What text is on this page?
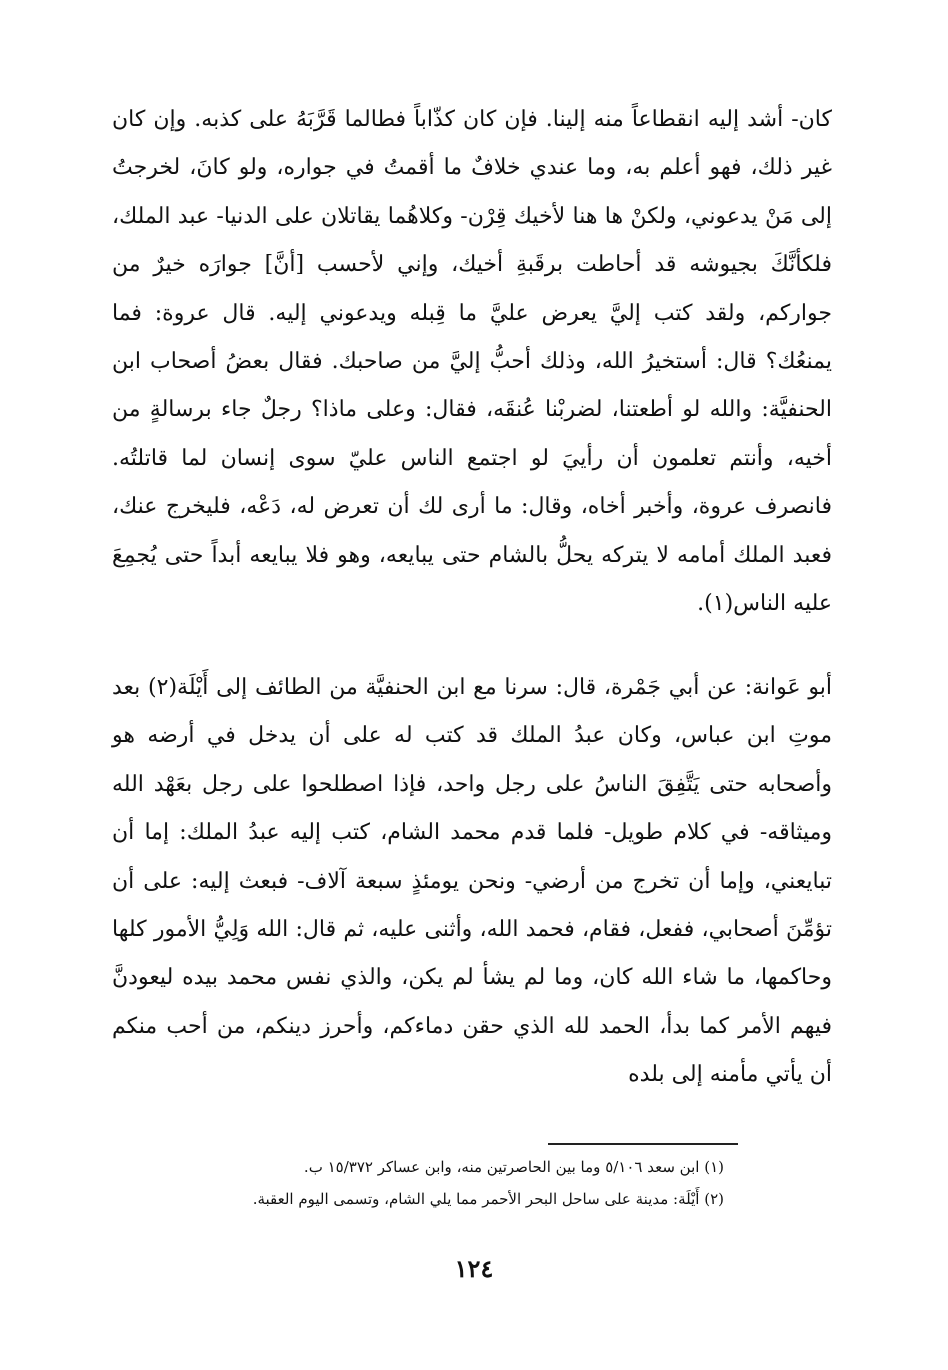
كان- أشد إليه انقطاعاً منه إلينا. فإن كان كذّاباً فطالما قَرَّبَهُ على كذبه. وإن كان غير ذلك، فهو أعلم به، وما عندي خلافٌ ما أقمتُ في جواره، ولو كانَ، لخرجتُ إلى مَنْ يدعوني، ولكنْ ها هنا لأخيك قِرْن- وكلاهُما يقاتلان على الدنيا- عبد الملك، فلكأنَّكَ بجيوشه قد أحاطت برقَبةِ أخيك، وإني لأحسب [أنَّ] جوارَه خيرٌ من جواركم، ولقد كتب إليَّ يعرض عليَّ ما قِبله ويدعوني إليه. قال عروة: فما يمنعُك؟ قال: أستخيرُ الله، وذلك أحبُّ إليَّ من صاحبك. فقال بعضُ أصحاب ابن الحنفيَّة: والله لو أطعتنا، لضربْنا عُنقَه، فقال: وعلى ماذا؟ رجلٌ جاء برسالةٍ من أخيه، وأنتم تعلمون أن رأييَ لو اجتمع الناس عليّ سوى إنسان لما قاتلتُه. فانصرف عروة، وأخبر أخاه، وقال: ما أرى لك أن تعرض له، دَعْه، فليخرج عنك، فعبد الملك أمامه لا يتركه يحلُّ بالشام حتى يبايعه، وهو فلا يبايعه أبداً حتى يُجمِعَ عليه الناس(١).

أبو عَوانة: عن أبي جَمْرة، قال: سرنا مع ابن الحنفيَّة من الطائف إلى أَيْلَة(٢) بعد موتِ ابن عباس، وكان عبدُ الملك قد كتب له على أن يدخل في أرضه هو وأصحابه حتى يَتَّفِقَ الناسُ على رجل واحد، فإذا اصطلحوا على رجل بعَهْد الله وميثاقه- في كلام طويل- فلما قدم محمد الشام، كتب إليه عبدُ الملك: إما أن تبايعني، وإما أن تخرج من أرضي- ونحن يومئذٍ سبعة آلاف- فبعث إليه: على أن تؤمِّنَ أصحابي، ففعل، فقام، فحمد الله، وأثنى عليه، ثم قال: الله وَلِيُّ الأمور كلها وحاكمها، ما شاء الله كان، وما لم يشأ لم يكن، والذي نفس محمد بيده ليعودنَّ فيهم الأمر كما بدأ، الحمد لله الذي حقن دماءكم، وأحرز دينكم، من أحب منكم أن يأتي مأمنه إلى بلده

(١) ابن سعد ٥/١٠٦ وما بين الحاصرتين منه، وابن عساكر ١٥/٣٧٢ ب.

(٢) أَيْلَة: مدينة على ساحل البحر الأحمر مما يلي الشام، وتسمى اليوم العقبة.

١٢٤
